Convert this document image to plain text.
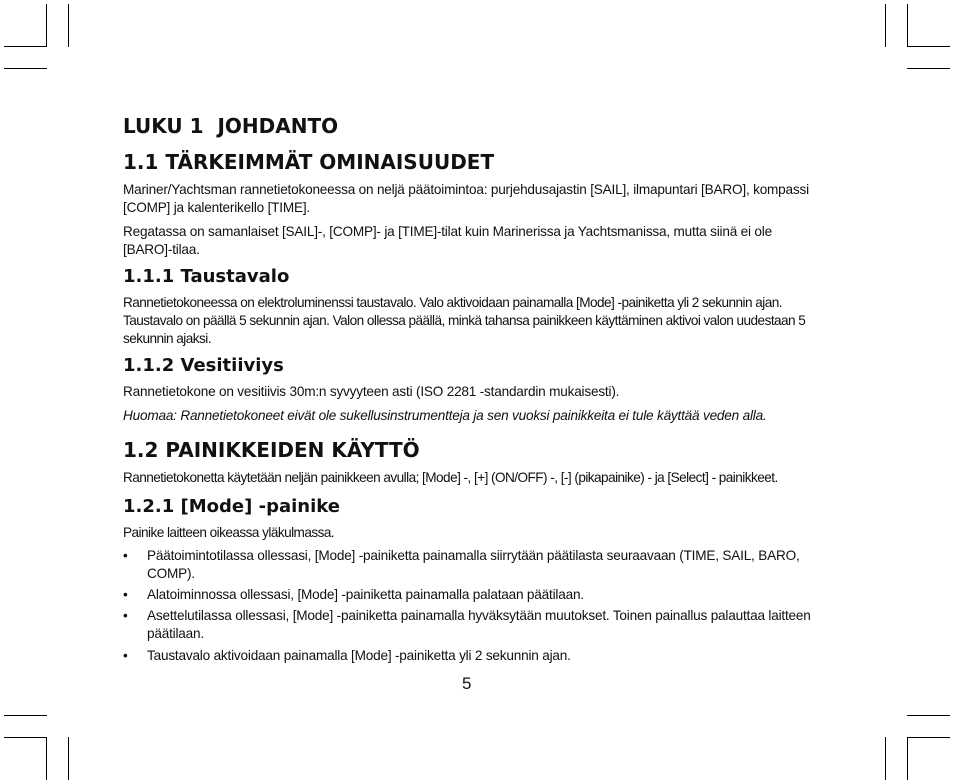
LUKU 1  JOHDANTO
1.1 TÄRKEIMMÄT OMINAISUUDET

Mariner/Yachtsman rannetietokoneessa on neljä päätoimintoa: purjehdusajastin [SAIL], ilmapuntari [BARO], kompassi [COMP] ja kalenterikello [TIME].

Regatassa on samanlaiset [SAIL]-, [COMP]- ja [TIME]-tilat kuin Marinerissa ja Yachtsmanissa, mutta siinä ei ole [BARO]-tilaa.

1.1.1 Taustavalo

Rannetietokoneessa on elektroluminenssi taustavalo. Valo aktivoidaan painamalla [Mode] -painiketta yli 2 sekunnin ajan. Taustavalo on päällä 5 sekunnin ajan. Valon ollessa päällä, minkä tahansa painikkeen käyttäminen aktivoi valon uudestaan 5 sekunnin ajaksi.

1.1.2 Vesitiiviys

Rannetietokone on vesitiivis 30m:n syvyyteen asti (ISO 2281 -standardin mukaisesti).

Huomaa: Rannetietokoneet eivät ole sukellusinstrumentteja ja sen vuoksi painikkeita ei tule käyttää veden alla.

1.2 PAINIKKEIDEN KÄYTTÖ

Rannetietokonetta käytetään neljän painikkeen avulla; [Mode] -, [+] (ON/OFF) -, [-] (pikapainike) - ja [Select] - painikkeet.

1.2.1 [Mode] -painike

Painike laitteen oikeassa yläkulmassa.

• Päätoimintotilassa ollessasi, [Mode] -painiketta painamalla siirrytään päätilasta seuraavaan (TIME, SAIL, BARO, COMP).
• Alatoiminnossa ollessasi, [Mode] -painiketta painamalla palataan päätilaan.
• Asettelutilassa ollessasi, [Mode] -painiketta painamalla hyväksytään muutokset. Toinen painallus palauttaa laitteen päätilaan.
• Taustavalo aktivoidaan painamalla [Mode] -painiketta yli 2 sekunnin ajan.
5
